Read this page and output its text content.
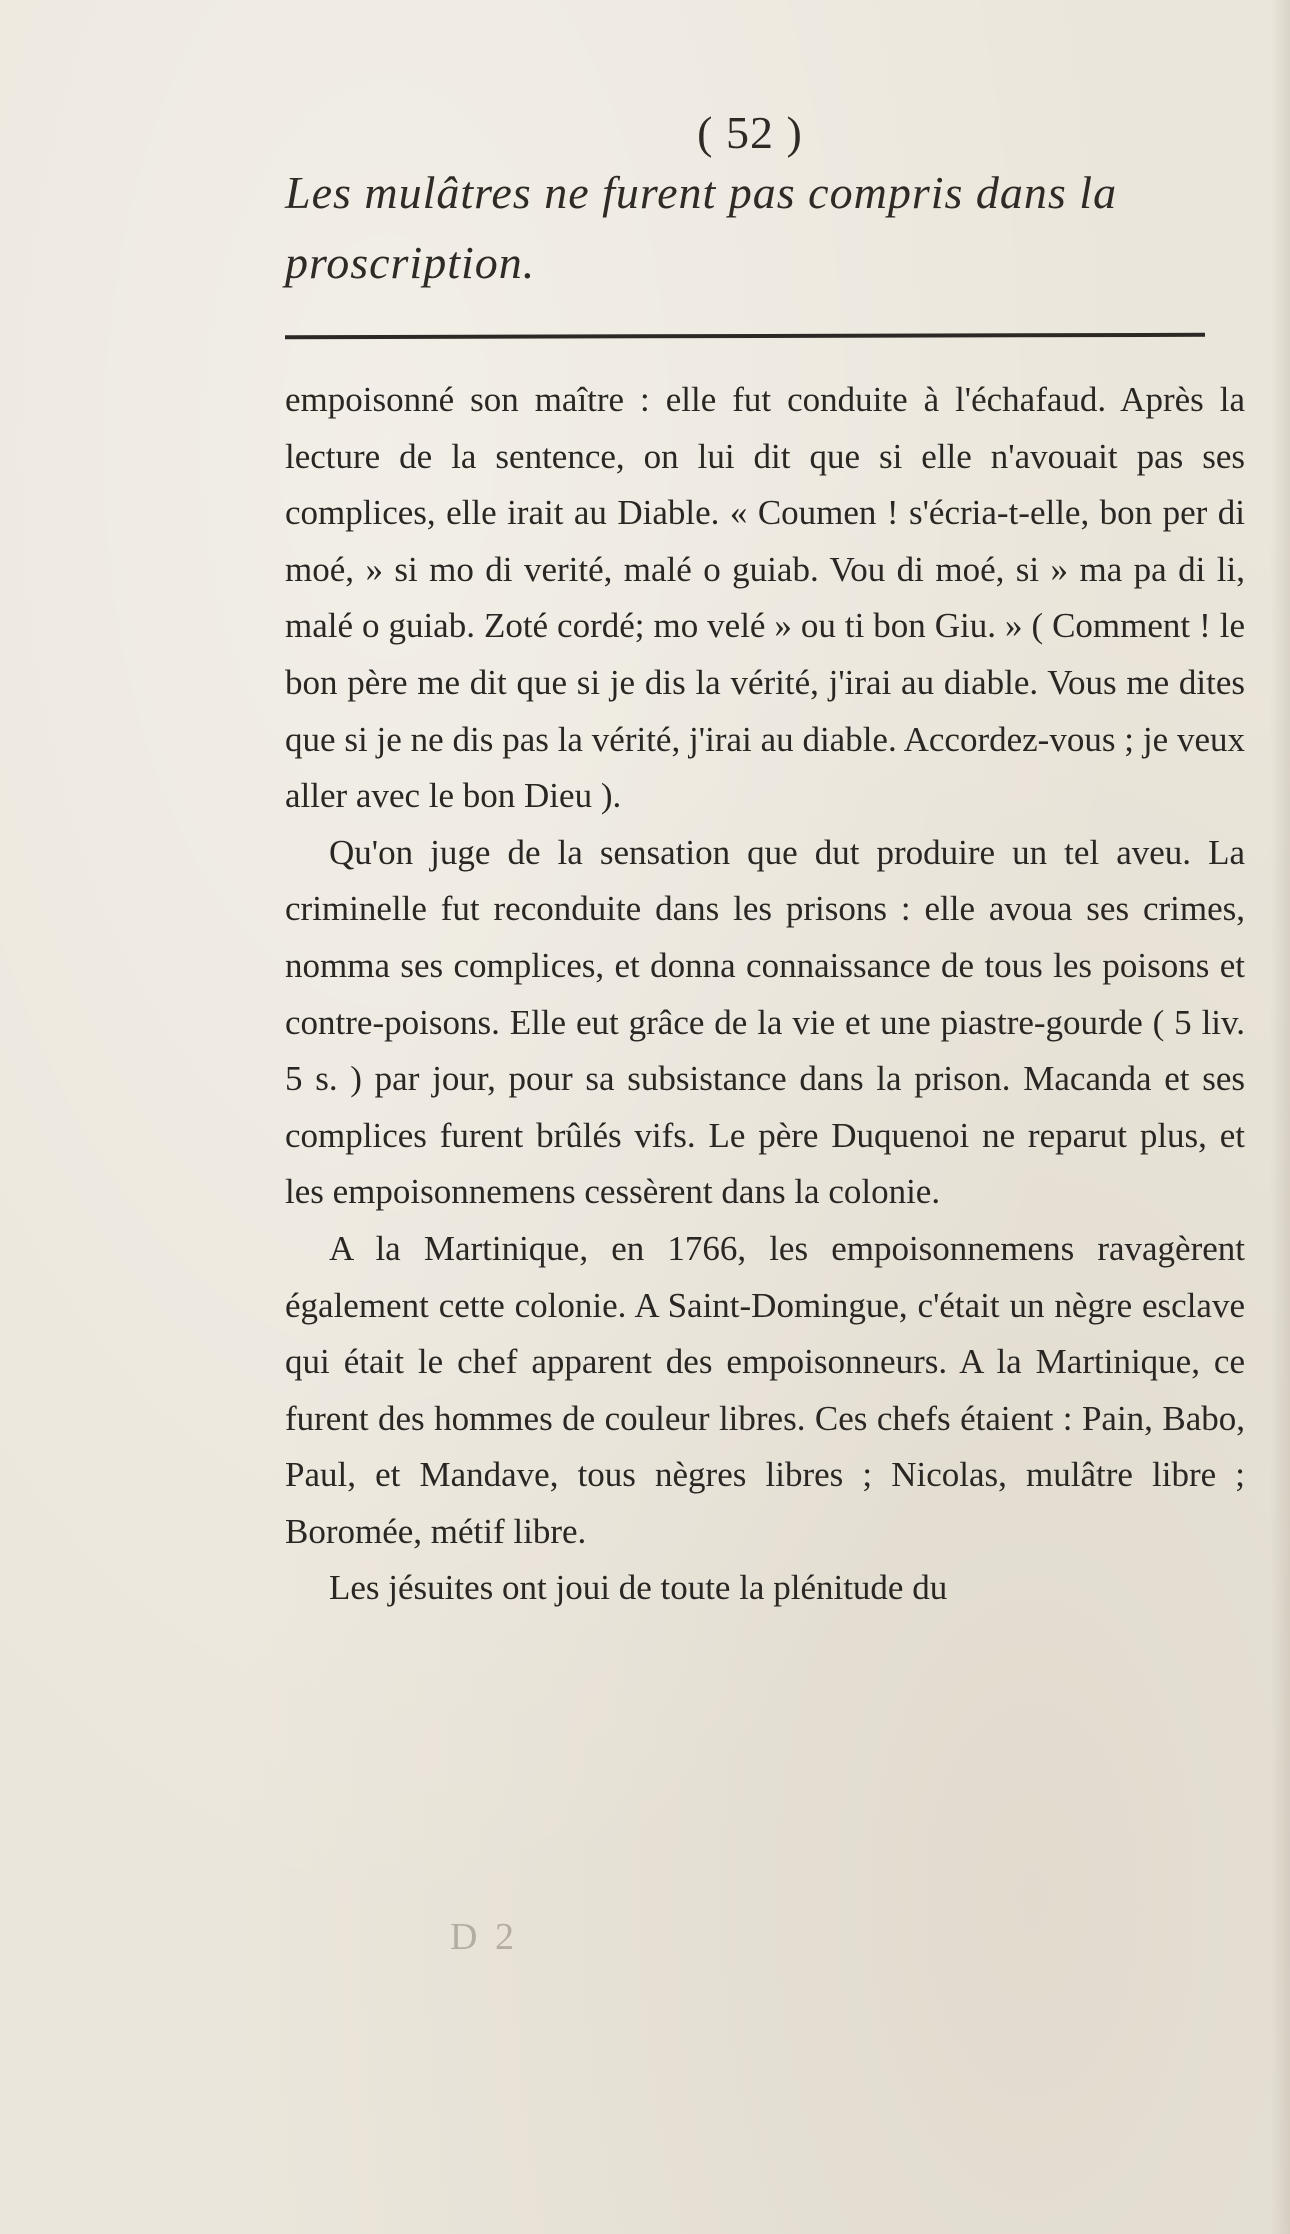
( 52 )
Les mulâtres ne furent pas compris dans la proscription.

empoisonné son maître : elle fut conduite à l'échafaud. Après la lecture de la sentence, on lui dit que si elle n'avouait pas ses complices, elle irait au Diable. « Coumen ! s'écria-t-elle, bon per di moé, » si mo di verité, malé o guiab. Vou di moé, si » ma pa di li, malé o guiab. Zoté cordé; mo velé » ou ti bon Giu. » ( Comment ! le bon père me dit que si je dis la vérité, j'irai au diable. Vous me dites que si je ne dis pas la vérité, j'irai au diable. Accordez-vous ; je veux aller avec le bon Dieu ).

Qu'on juge de la sensation que dut produire un tel aveu. La criminelle fut reconduite dans les prisons : elle avoua ses crimes, nomma ses complices, et donna connaissance de tous les poisons et contre-poisons. Elle eut grâce de la vie et une piastre-gourde ( 5 liv. 5 s. ) par jour, pour sa subsistance dans la prison. Macanda et ses complices furent brûlés vifs. Le père Duquenoi ne reparut plus, et les empoisonnemens cessèrent dans la colonie.

A la Martinique, en 1766, les empoisonnemens ravagèrent également cette colonie. A Saint-Domingue, c'était un nègre esclave qui était le chef apparent des empoisonneurs. A la Martinique, ce furent des hommes de couleur libres. Ces chefs étaient : Pain, Babo, Paul, et Mandave, tous nègres libres ; Nicolas, mulâtre libre ; Boromée, métif libre.

Les jésuites ont joui de toute la plénitude du

D 2
